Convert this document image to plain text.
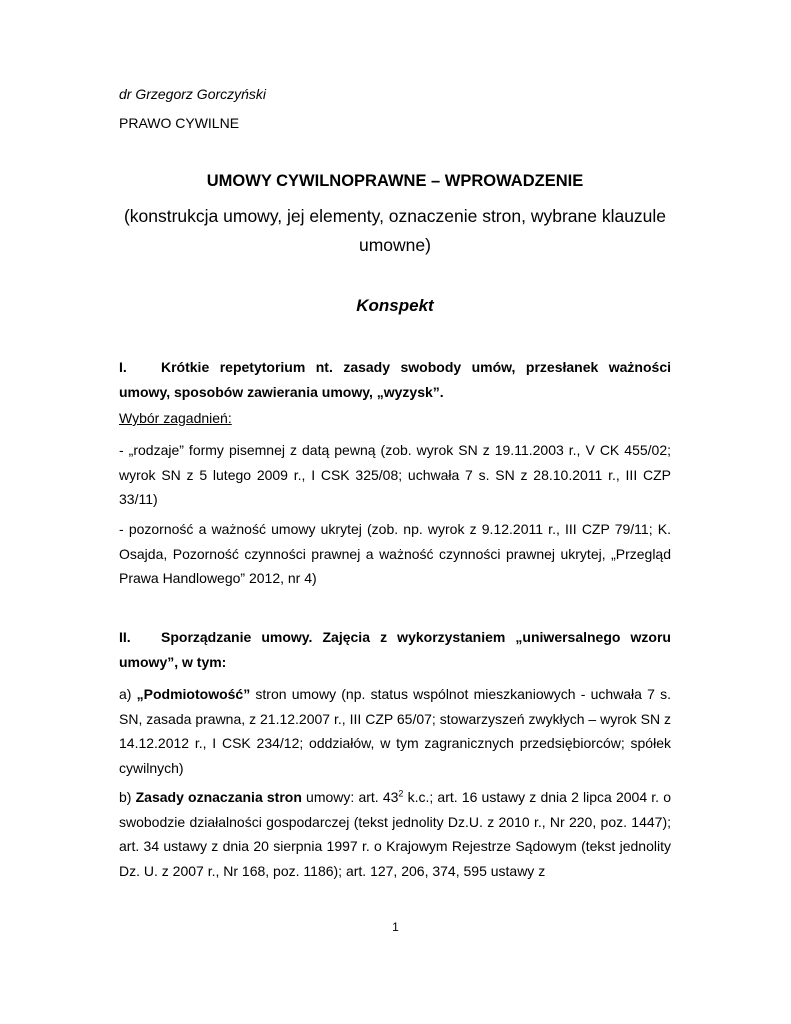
dr Grzegorz Gorczyński
PRAWO CYWILNE
UMOWY CYWILNOPRAWNE – WPROWADZENIE
(konstrukcja umowy, jej elementy, oznaczenie stron, wybrane klauzule umowne)
Konspekt
I. Krótkie repetytorium nt. zasady swobody umów, przesłanek ważności umowy, sposobów zawierania umowy, „wyzysk”.
Wybór zagadnień:
- „rodzaje” formy pisemnej z datą pewną (zob. wyrok SN z 19.11.2003 r., V CK 455/02; wyrok SN z 5 lutego 2009 r., I CSK 325/08; uchwała 7 s. SN z 28.10.2011 r., III CZP 33/11)
- pozorność a ważność umowy ukrytej (zob. np. wyrok z 9.12.2011 r., III CZP 79/11; K. Osajda, Pozorność czynności prawnej a ważność czynności prawnej ukrytej, „Przegląd Prawa Handlowego” 2012, nr 4)
II. Sporządzanie umowy. Zajęcia z wykorzystaniem „uniwersalnego wzoru umowy”, w tym:
a) „Podmiotowość” stron umowy (np. status wspólnot mieszkaniowych - uchwała 7 s. SN, zasada prawna, z 21.12.2007 r., III CZP 65/07; stowarzyszeń zwykłych – wyrok SN z 14.12.2012 r., I CSK 234/12; oddziałów, w tym zagranicznych przedsiębiorców; spółek cywilnych)
b) Zasady oznaczania stron umowy: art. $43^2$ k.c.; art. 16 ustawy z dnia 2 lipca 2004 r. o swobodzie działalności gospodarczej (tekst jednolity Dz.U. z 2010 r., Nr 220, poz. 1447); art. 34 ustawy z dnia 20 sierpnia 1997 r. o Krajowym Rejestrze Sądowym (tekst jednolity Dz. U. z 2007 r., Nr 168, poz. 1186); art. 127, 206, 374, 595 ustawy z
1
